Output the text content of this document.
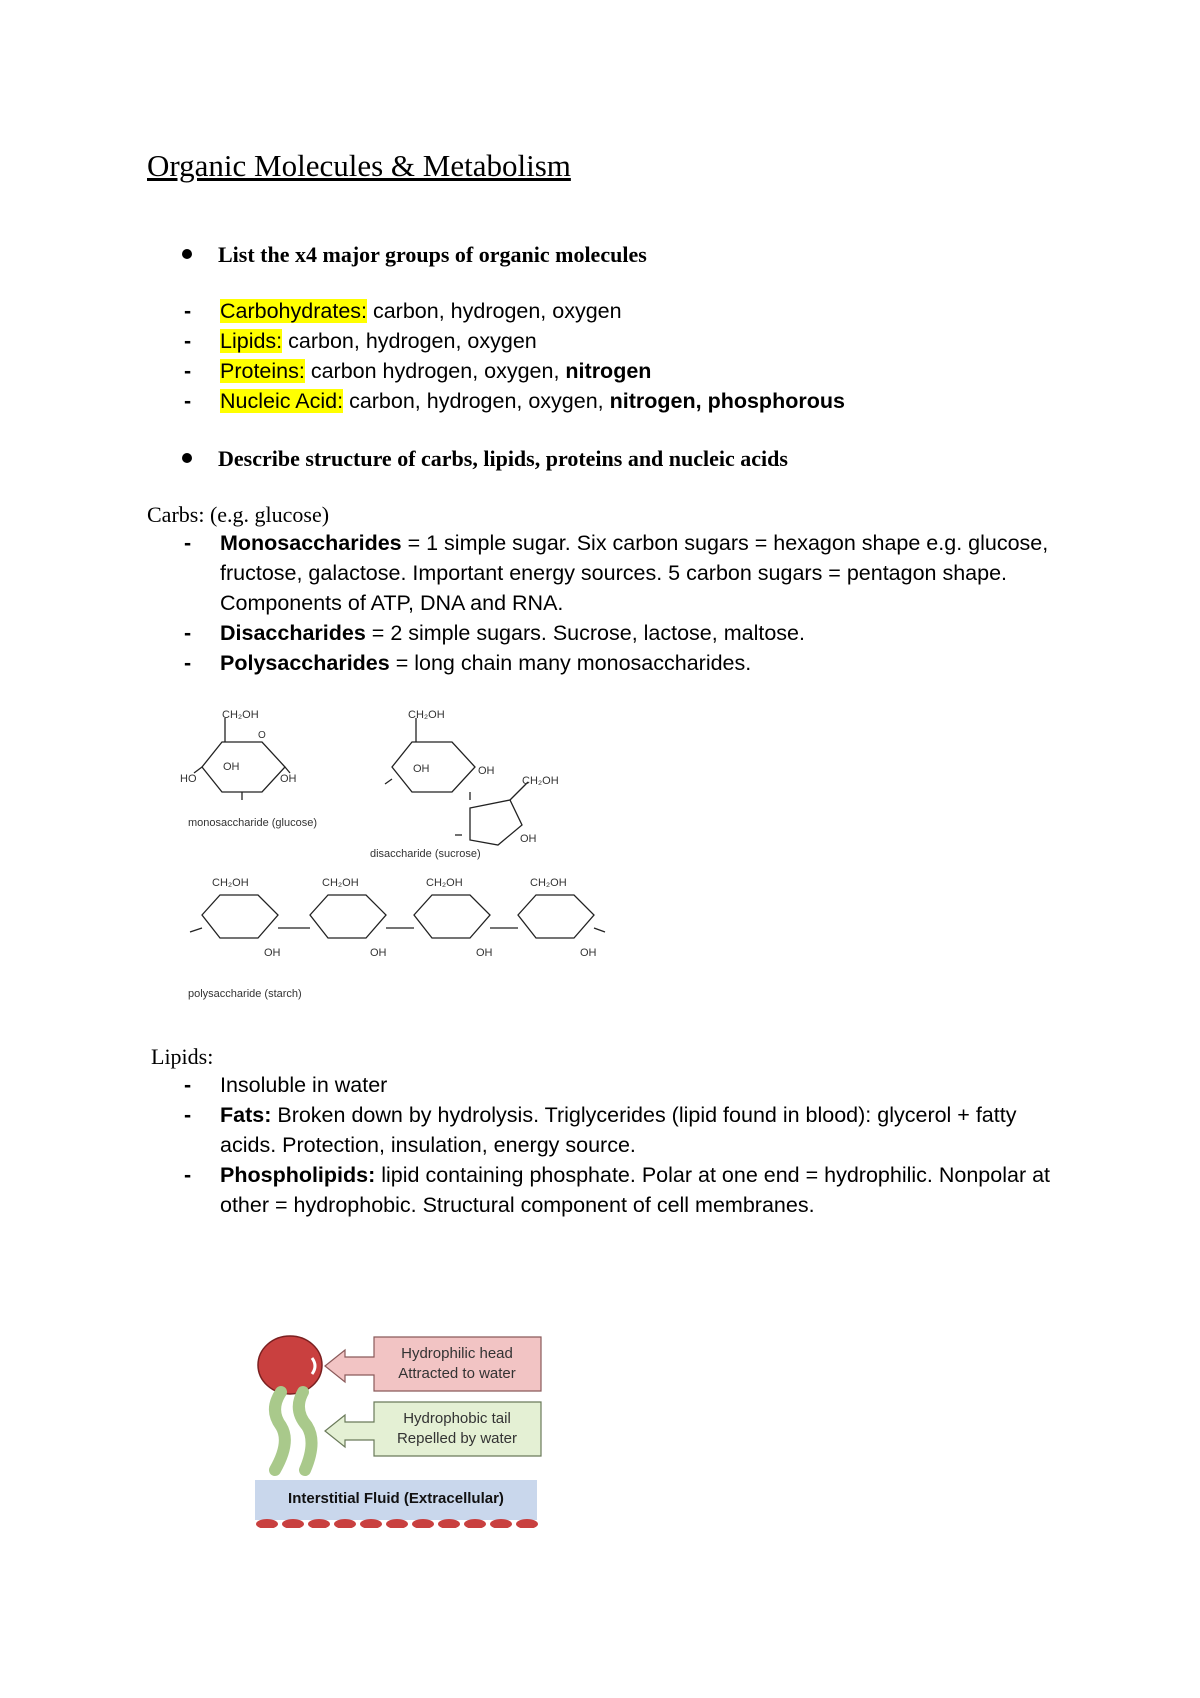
Organic Molecules & Metabolism
List the x4 major groups of organic molecules
- Carbohydrates: carbon, hydrogen, oxygen
- Lipids: carbon, hydrogen, oxygen
- Proteins: carbon hydrogen, oxygen, nitrogen
- Nucleic Acid: carbon, hydrogen, oxygen, nitrogen, phosphorous
Describe structure of carbs, lipids, proteins and nucleic acids
Carbs: (e.g. glucose)
- Monosaccharides = 1 simple sugar. Six carbon sugars = hexagon shape e.g. glucose, fructose, galactose. Important energy sources. 5 carbon sugars = pentagon shape. Components of ATP, DNA and RNA.
- Disaccharides = 2 simple sugars. Sucrose, lactose, maltose.
- Polysaccharides = long chain many monosaccharides.
CH₂OH
OH
HO	OH
O
monosaccharide (glucose)
CH₂OH
OH	OH
CH₂OH
OH
disaccharide (sucrose)
CH₂OH	CH₂OH	CH₂OH	CH₂OH
OH	OH	OH	OH
polysaccharide (starch)
Lipids:
- Insoluble in water
- Fats: Broken down by hydrolysis. Triglycerides (lipid found in blood): glycerol + fatty acids. Protection, insulation, energy source.
- Phospholipids: lipid containing phosphate. Polar at one end = hydrophilic. Nonpolar at other = hydrophobic. Structural component of cell membranes.
Hydrophilic head
Attracted to water
Hydrophobic tail
Repelled by water
Interstitial Fluid (Extracellular)
